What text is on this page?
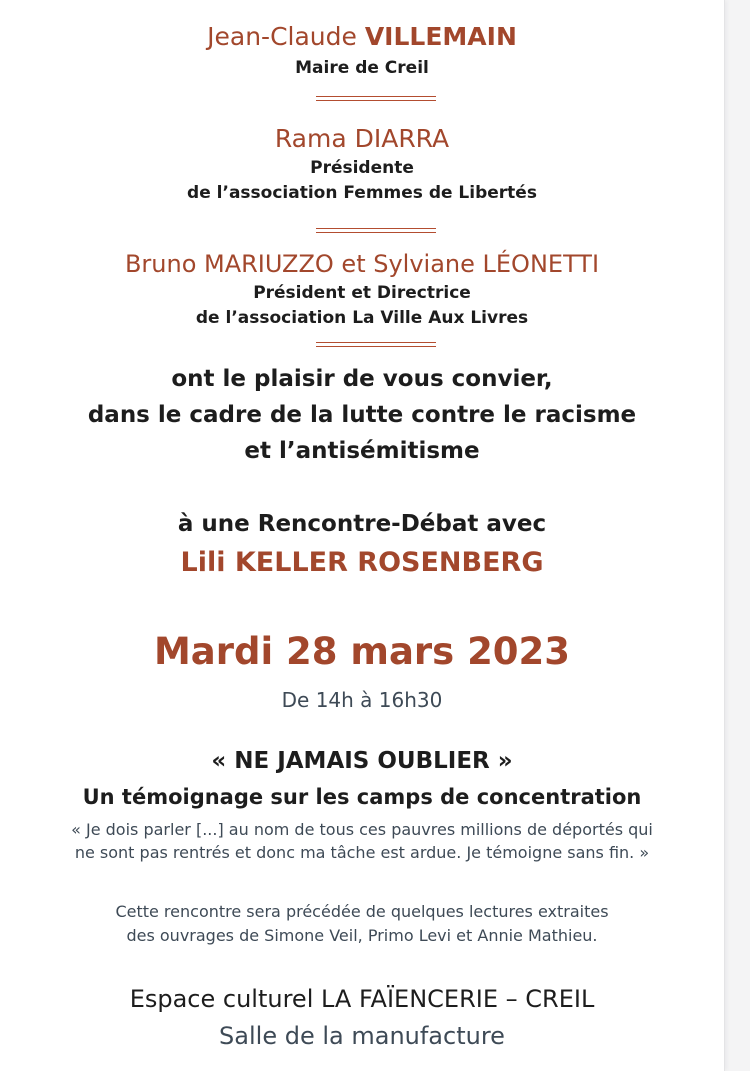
Jean-Claude VILLEMAIN
Maire de Creil
Rama DIARRA
Présidente
de l’association Femmes de Libertés
Bruno MARIUZZO et Sylviane LÉONETTI
Président et Directrice
de l’association La Ville Aux Livres
ont le plaisir de vous convier,
dans le cadre de la lutte contre le racisme
et l’antisémitisme
à une Rencontre-Débat avec
Lili KELLER ROSENBERG
Mardi 28 mars 2023
De 14h à 16h30
« NE JAMAIS OUBLIER »
Un témoignage sur les camps de concentration
« Je dois parler [...] au nom de tous ces pauvres millions de déportés qui
ne sont pas rentrés et donc ma tâche est ardue. Je témoigne sans fin. »
Cette rencontre sera précédée de quelques lectures extraites
des ouvrages de Simone Veil, Primo Levi et Annie Mathieu.
Espace culturel LA FAÏENCERIE – CREIL
Salle de la manufacture
